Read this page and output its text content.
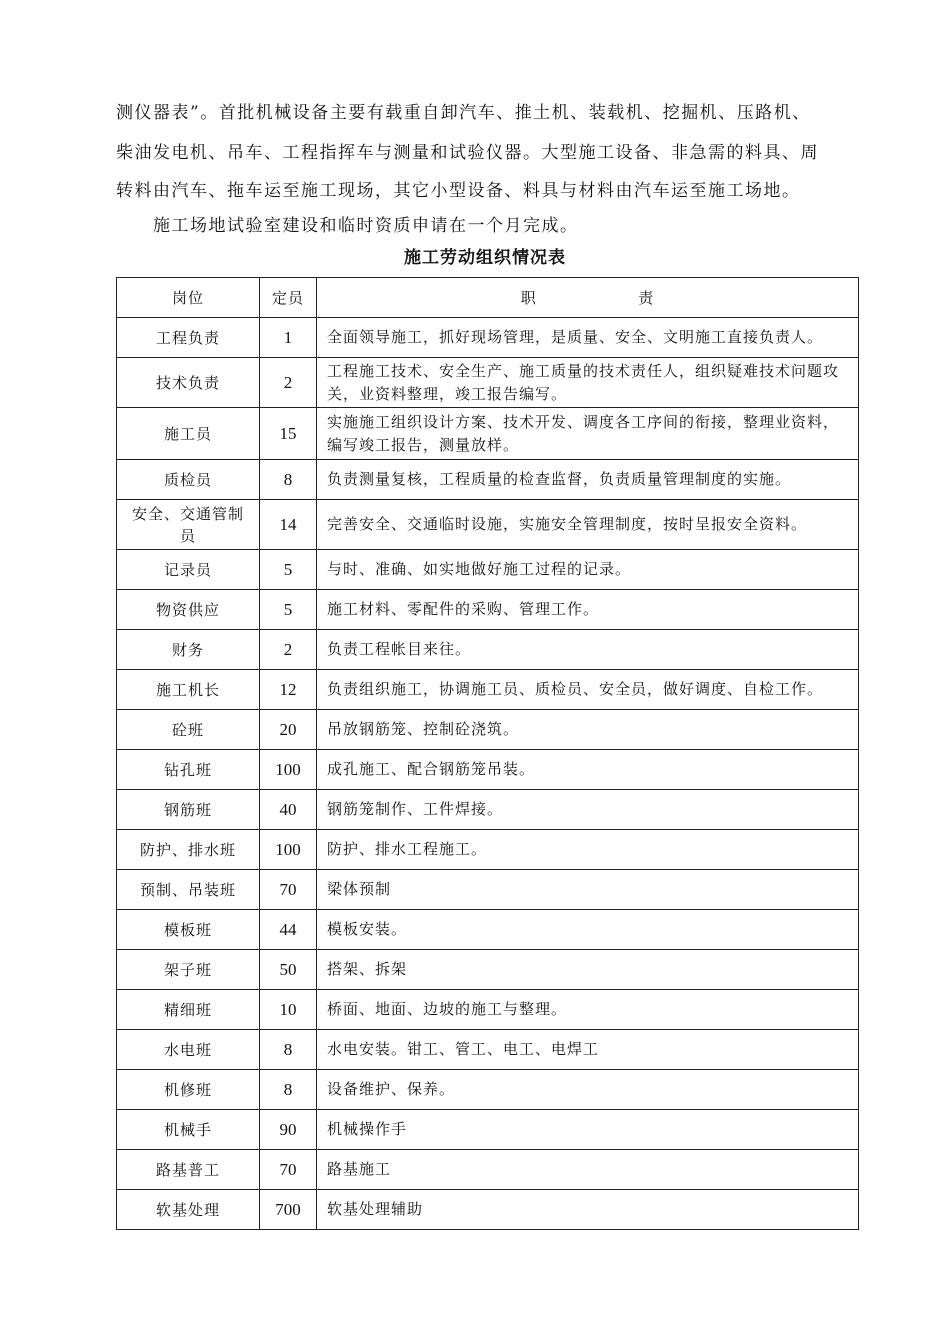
测仪器表”。首批机械设备主要有载重自卸汽车、推土机、装载机、挖掘机、压路机、
柴油发电机、吊车、工程指挥车与测量和试验仪器。大型施工设备、非急需的料具、周
转料由汽车、拖车运至施工现场，其它小型设备、料具与材料由汽车运至施工场地。
施工场地试验室建设和临时资质申请在一个月完成。
施工劳动组织情况表
岗位	定员	职 责
工程负责	1	全面领导施工，抓好现场管理，是质量、安全、文明施工直接负责人。
技术负责	2	工程施工技术、安全生产、施工质量的技术责任人，组织疑难技术问题攻关，业资料整理，竣工报告编写。
施工员	15	实施施工组织设计方案、技术开发、调度各工序间的衔接，整理业资料，编写竣工报告，测量放样。
质检员	8	负责测量复核，工程质量的检查监督，负责质量管理制度的实施。
安全、交通管制员	14	完善安全、交通临时设施，实施安全管理制度，按时呈报安全资料。
记录员	5	与时、准确、如实地做好施工过程的记录。
物资供应	5	施工材料、零配件的采购、管理工作。
财务	2	负责工程帐目来往。
施工机长	12	负责组织施工，协调施工员、质检员、安全员，做好调度、自检工作。
砼班	20	吊放钢筋笼、控制砼浇筑。
钻孔班	100	成孔施工、配合钢筋笼吊装。
钢筋班	40	钢筋笼制作、工件焊接。
防护、排水班	100	防护、排水工程施工。
预制、吊装班	70	梁体预制
模板班	44	模板安装。
架子班	50	搭架、拆架
精细班	10	桥面、地面、边坡的施工与整理。
水电班	8	水电安装。钳工、管工、电工、电焊工
机修班	8	设备维护、保养。
机械手	90	机械操作手
路基普工	70	路基施工
软基处理	700	软基处理辅助
